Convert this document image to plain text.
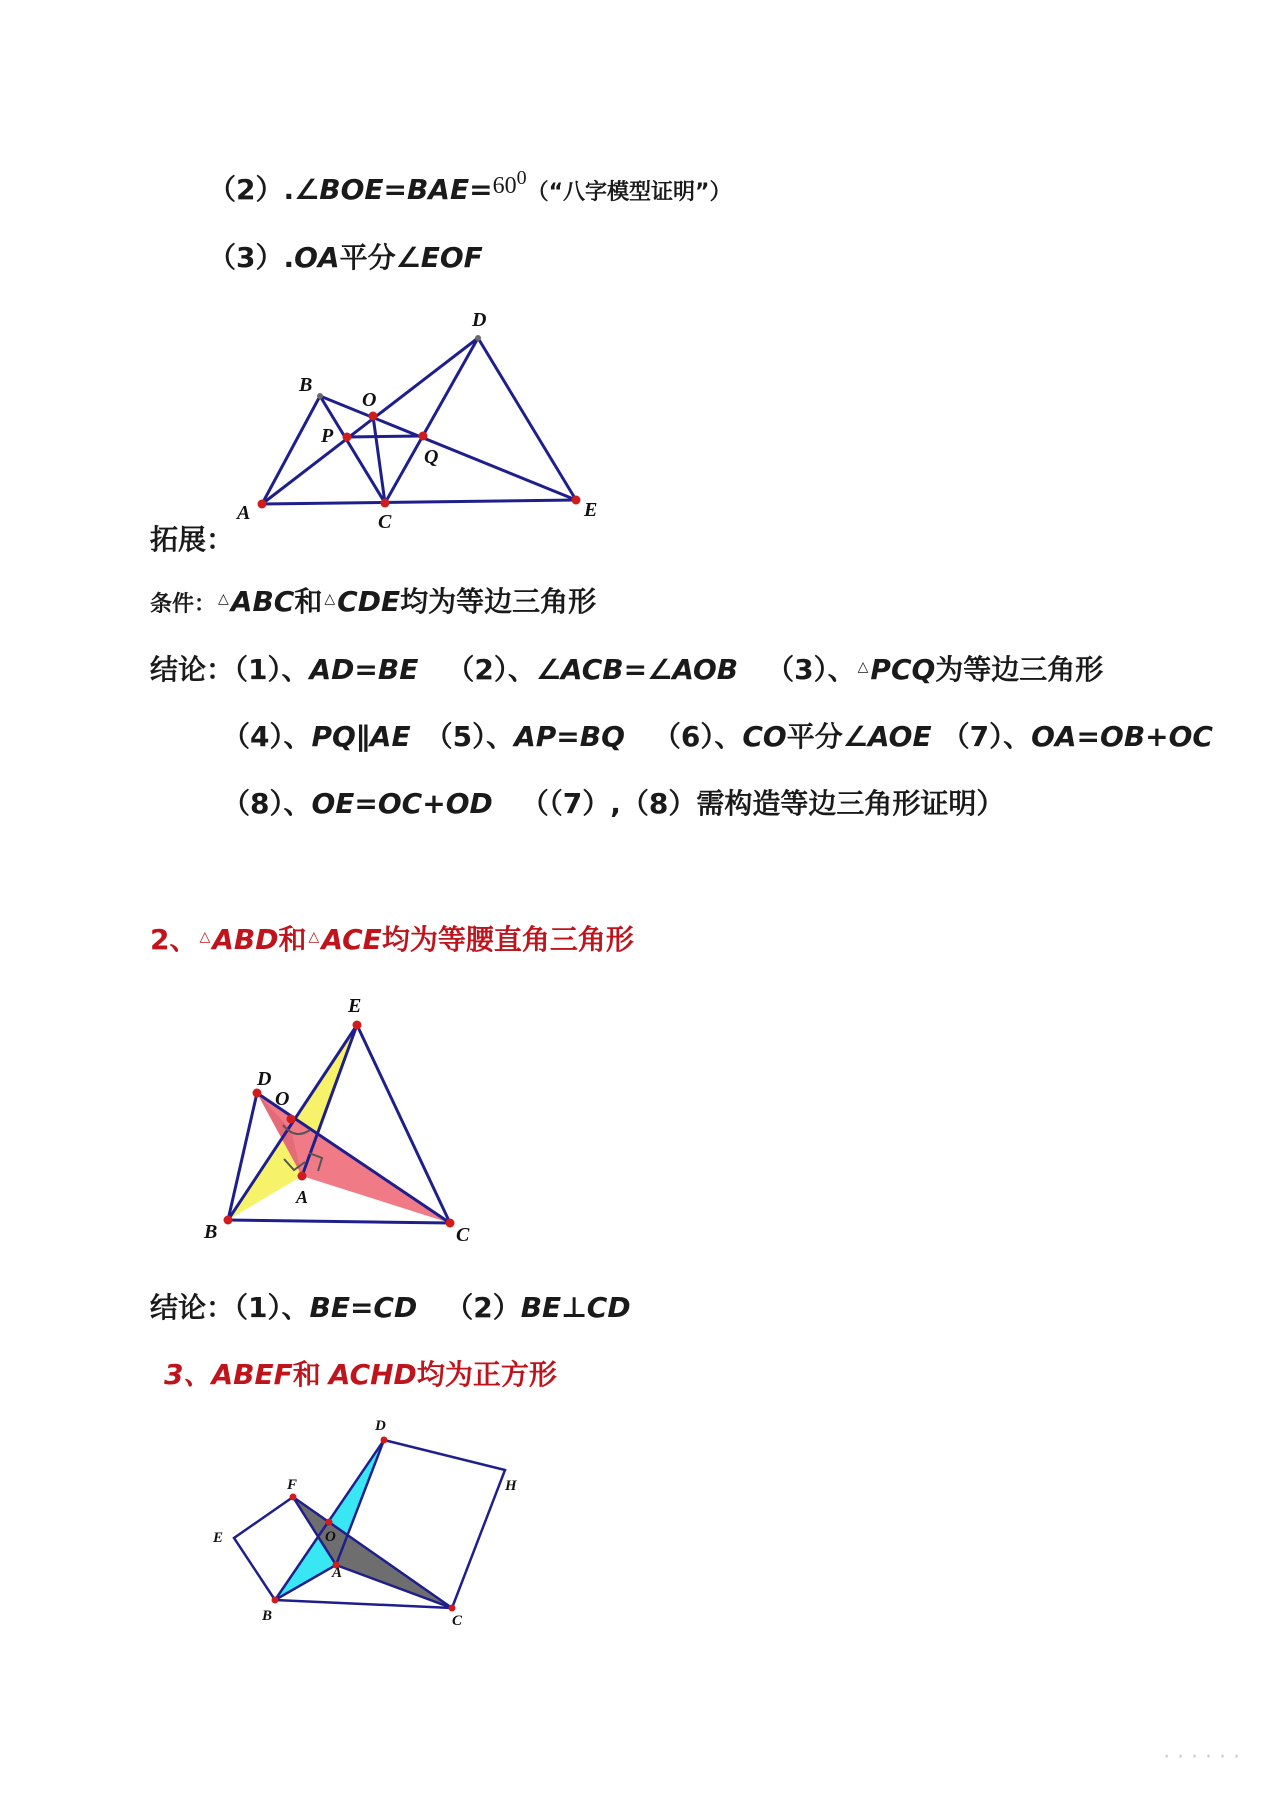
$(2).\angle BOE=BAE=60^0(“$八字模型证明”）
（3）.OA平分∠EOF
A
B
C
D
E
O
P
Q
拓展：
条件： △ABC和 △CDE均为等边三角形
结论：（1）、AD=BE （2）、∠ACB=∠AOB （3）、 △PCQ为等边三角形
（4）、PQ∥AE （5）、AP=BQ （6）、CO平分∠AOE （7）、OA=OB+OC
（8）、OE=OC+OD （（7）,（8）需构造等边三角形证明）
2、 △ABD和 △ACE均为等腰直角三角形
B	C
E
D
O
A
结论：（1）、BE=CD （2）BE⊥CD
3、ABEF和 ACHD均为正方形
B	C
D
E
F	H
O
A
· · · · · ·
